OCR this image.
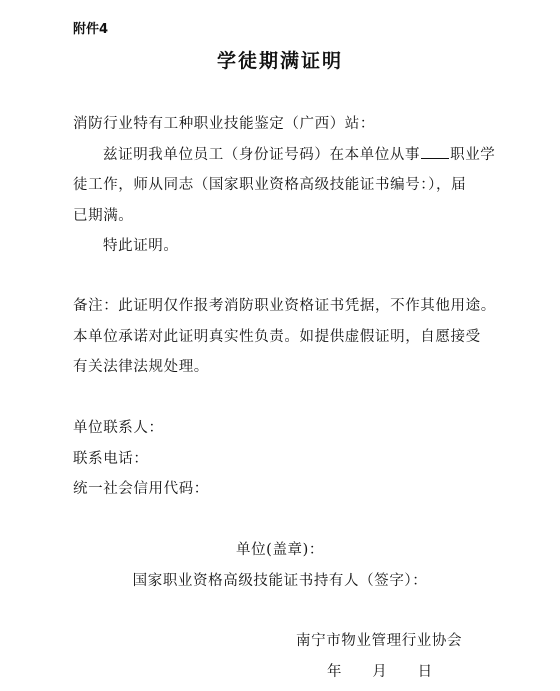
附件4
学徒期满证明
消防行业特有工种职业技能鉴定（广西）站：
兹证明我单位员工（身份证号码）在本单位从事 职业学
徒工作，师从同志（国家职业资格高级技能证书编号：），届
已期满。
特此证明。
备注：此证明仅作报考消防职业资格证书凭据，不作其他用途。
本单位承诺对此证明真实性负责。如提供虚假证明，自愿接受
有关法律法规处理。
单位联系人：
联系电话：
统一社会信用代码：
单位(盖章)：
国家职业资格高级技能证书持有人（签字）：
南宁市物业管理行业协会
年　　月　　日
